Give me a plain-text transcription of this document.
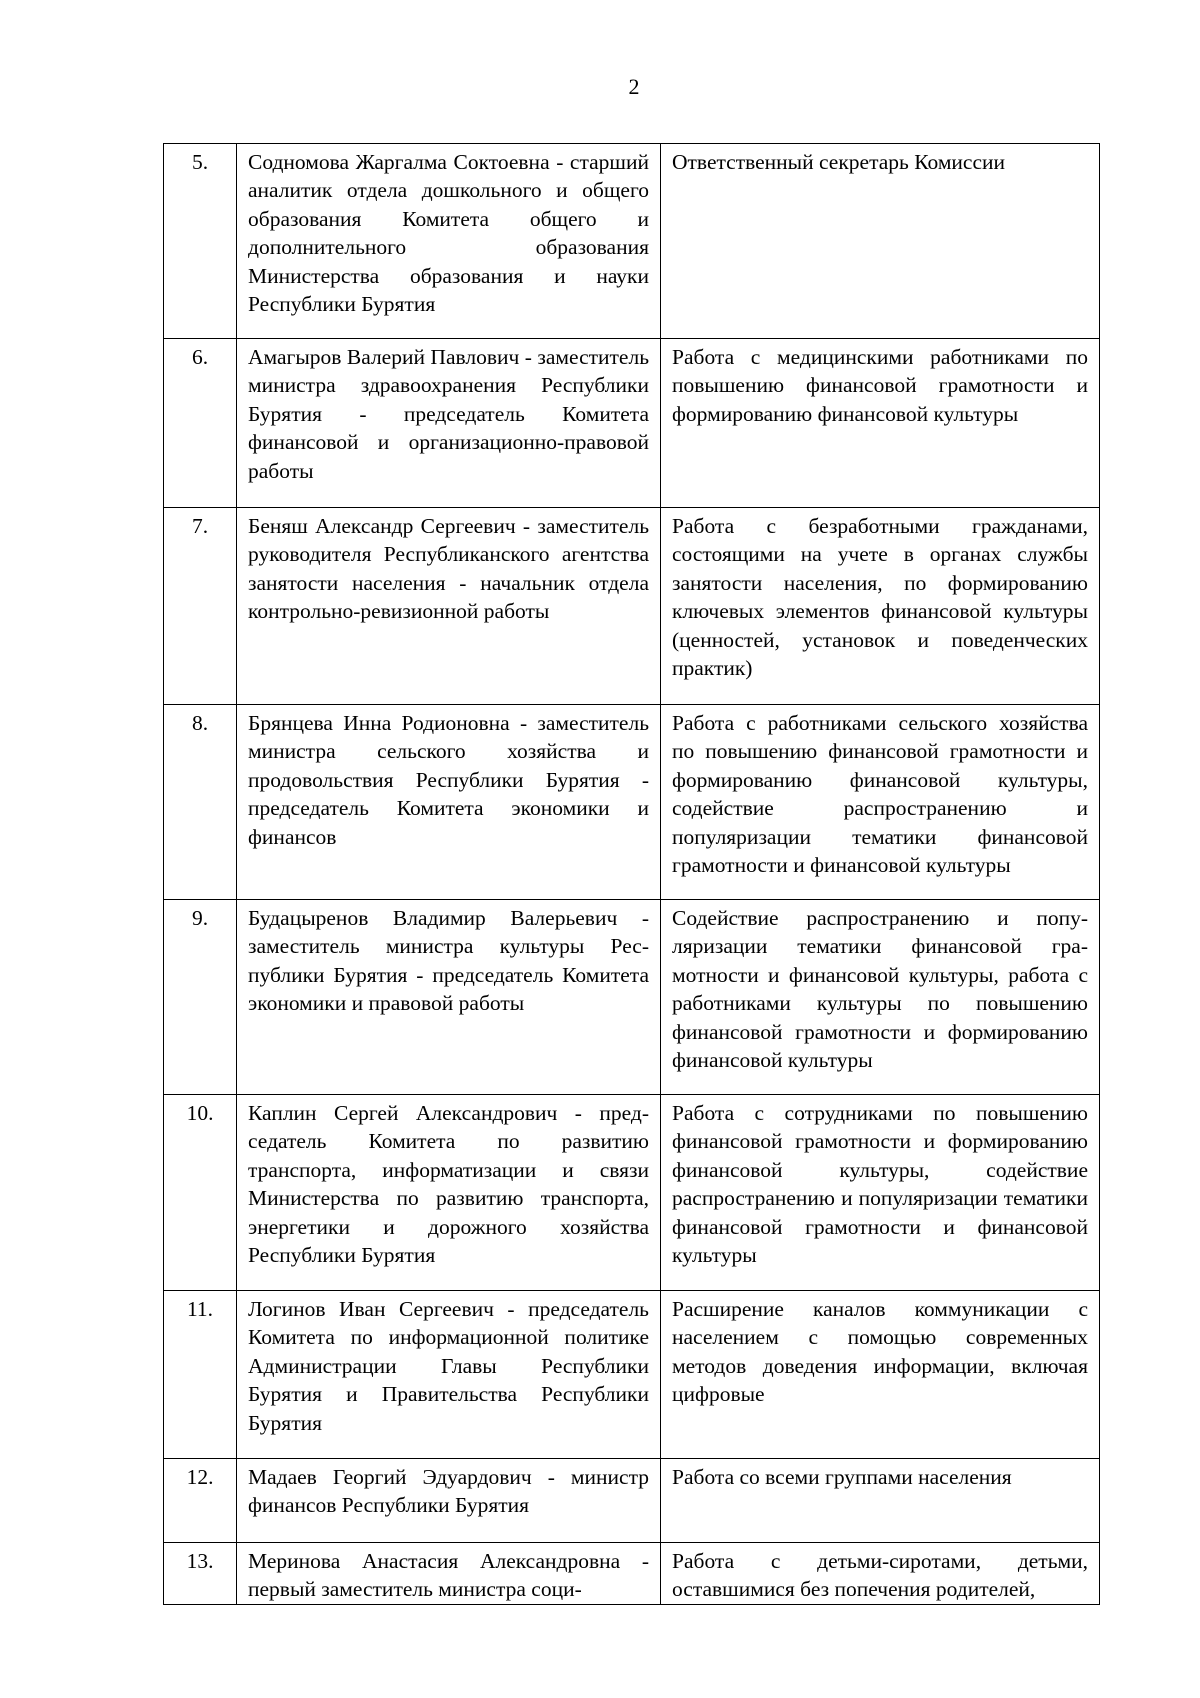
2
5.	Содномова Жаргалма Соктоевна - старший аналитик отдела дошкольного и общего образования Комитета общего и дополнительного образования Министерства образования и науки Республики Бурятия	Ответственный секретарь Комиссии
6.	Амагыров Валерий Павлович - заместитель министра здравоохранения Республики Бурятия - председатель Комитета финансовой и организационно-правовой работы	Работа с медицинскими работниками по повышению финансовой грамотности и формированию финансовой культуры
7.	Беняш Александр Сергеевич - заместитель руководителя Республиканского агентства занятости населения - начальник отдела контрольно-ревизионной работы	Работа с безработными гражданами, состоящими на учете в органах службы занятости населения, по формированию ключевых элементов финансовой культуры (ценностей, установок и поведенческих практик)
8.	Брянцева Инна Родионовна - заместитель министра сельского хозяйства и продовольствия Республики Бурятия - председатель Комитета экономики и финансов	Работа с работниками сельского хозяйства по повышению финансовой грамотности и формированию финансовой культуры, содействие распространению и популяризации тематики финансовой грамотности и финансовой культуры
9.	Будацыренов Владимир Валерьевич - заместитель министра культуры Республики Бурятия - председатель Комитета экономики и правовой работы	Содействие распространению и популяризации тематики финансовой грамотности и финансовой культуры, работа с работниками культуры по повышению финансовой грамотности и формированию финансовой культуры
10.	Каплин Сергей Александрович - председатель Комитета по развитию транспорта, информатизации и связи Министерства по развитию транспорта, энергетики и дорожного хозяйства Республики Бурятия	Работа с сотрудниками по повышению финансовой грамотности и формированию финансовой культуры, содействие распространению и популяризации тематики финансовой грамотности и финансовой культуры
11.	Логинов Иван Сергеевич - председатель Комитета по информационной политике Администрации Главы Республики Бурятия и Правительства Республики Бурятия	Расширение каналов коммуникации с населением с помощью современных методов доведения информации, включая цифровые
12.	Мадаев Георгий Эдуардович - министр финансов Республики Бурятия	Работа со всеми группами населения
13.	Меринова Анастасия Александровна - первый заместитель министра соци-	Работа с детьми-сиротами, детьми, оставшимися без попечения родителей,
